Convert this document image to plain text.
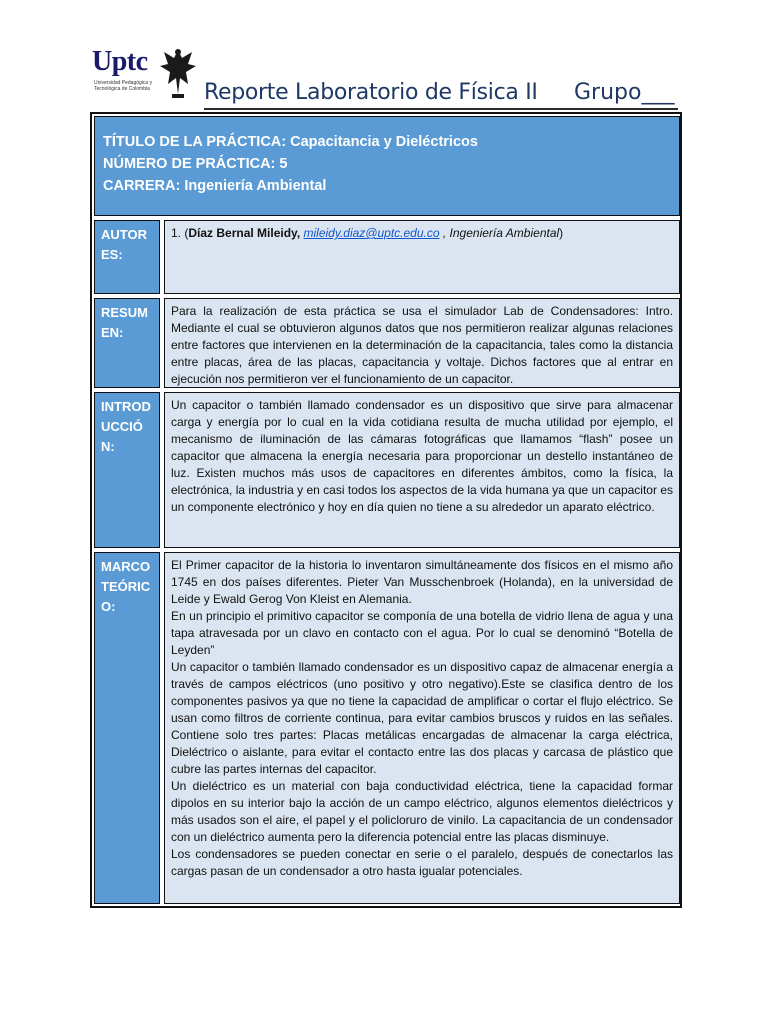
Uptc
Universidad Pedagógica y Tecnológica de Colombia	Reporte Laboratorio de Física II Grupo___
TÍTULO DE LA PRÁCTICA: Capacitancia y Dieléctricos
NÚMERO DE PRÁCTICA: 5
CARRERA: Ingeniería Ambiental
AUTORES:
1. (Díaz Bernal Mileidy, mileidy.diaz@uptc.edu.co , Ingeniería Ambiental)
RESUMEN:

Para la realización de esta práctica se usa el simulador Lab de Condensadores: Intro. Mediante el cual se obtuvieron algunos datos que nos permitieron realizar algunas relaciones entre factores que intervienen en la determinación de la capacitancia, tales como la distancia entre placas, área de las placas, capacitancia y voltaje. Dichos factores que al entrar en ejecución nos permitieron ver el funcionamiento de un capacitor.

INTRODUCCIÓN:

Un capacitor o también llamado condensador es un dispositivo que sirve para almacenar carga y energía por lo cual en la vida cotidiana resulta de mucha utilidad por ejemplo, el mecanismo de iluminación de las cámaras fotográficas que llamamos “flash” posee un capacitor que almacena la energía necesaria para proporcionar un destello instantáneo de luz. Existen muchos más usos de capacitores en diferentes ámbitos, como la física, la electrónica, la industria y en casi todos los aspectos de la vida humana ya que un capacitor es un componente electrónico y hoy en día quien no tiene a su alrededor un aparato eléctrico.

MARCO TEÓRICO:

El Primer capacitor de la historia lo inventaron simultáneamente dos físicos en el mismo año 1745 en dos países diferentes. Pieter Van Musschenbroek (Holanda), en la universidad de Leide y Ewald Gerog Von Kleist en Alemania.

En un principio el primitivo capacitor se componía de una botella de vidrio llena de agua y una tapa atravesada por un clavo en contacto con el agua. Por lo cual se denominó “Botella de Leyden”

Un capacitor o también llamado condensador es un dispositivo capaz de almacenar energía a través de campos eléctricos (uno positivo y otro negativo).Este se clasifica dentro de los componentes pasivos ya que no tiene la capacidad de amplificar o cortar el flujo eléctrico. Se usan como filtros de corriente continua, para evitar cambios bruscos y ruidos en las señales. Contiene solo tres partes: Placas metálicas encargadas de almacenar la carga eléctrica, Dieléctrico o aislante, para evitar el contacto entre las dos placas y carcasa de plástico que cubre las partes internas del capacitor.

Un dieléctrico es un material con baja conductividad eléctrica, tiene la capacidad formar dipolos en su interior bajo la acción de un campo eléctrico, algunos elementos dieléctricos y más usados son el aire, el papel y el policloruro de vinilo. La capacitancia de un condensador con un dieléctrico aumenta pero la diferencia potencial entre las placas disminuye.

Los condensadores se pueden conectar en serie o el paralelo, después de conectarlos las cargas pasan de un condensador a otro hasta igualar potenciales.
